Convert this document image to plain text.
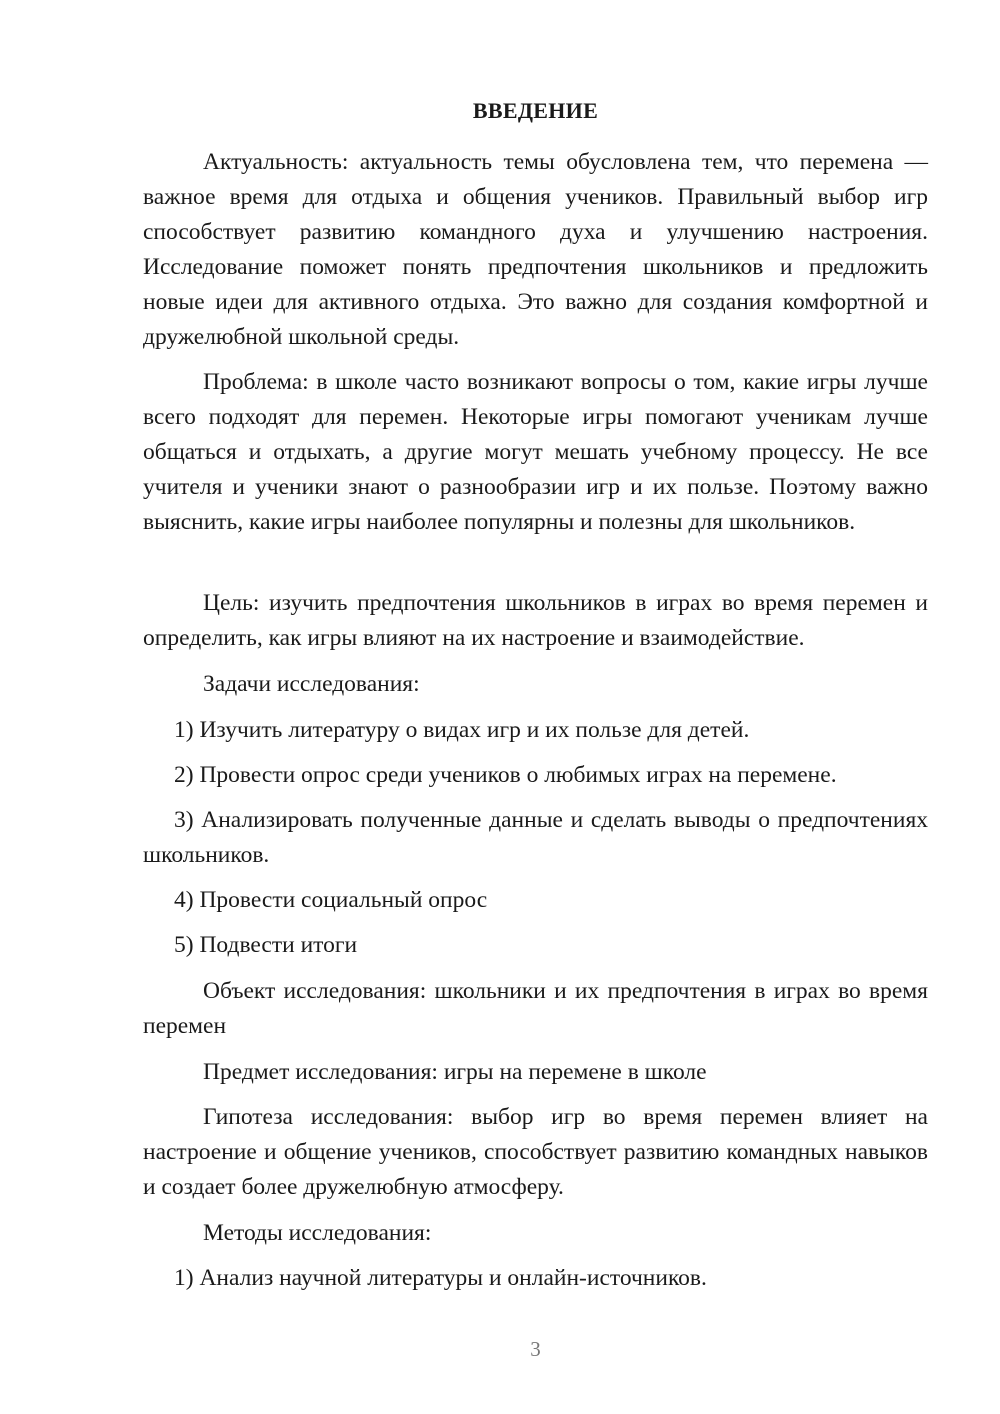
ВВЕДЕНИЕ

Актуальность: актуальность темы обусловлена тем, что перемена — важное время для отдыха и общения учеников. Правильный выбор игр способствует развитию командного духа и улучшению настроения. Исследование поможет понять предпочтения школьников и предложить новые идеи для активного отдыха. Это важно для создания комфортной и дружелюбной школьной среды.

Проблема: в школе часто возникают вопросы о том, какие игры лучше всего подходят для перемен. Некоторые игры помогают ученикам лучше общаться и отдыхать, а другие могут мешать учебному процессу. Не все учителя и ученики знают о разнообразии игр и их пользе. Поэтому важно выяснить, какие игры наиболее популярны и полезны для школьников.

Цель: изучить предпочтения школьников в играх во время перемен и определить, как игры влияют на их настроение и взаимодействие.

Задачи исследования:

1) Изучить литературу о видах игр и их пользе для детей.

2) Провести опрос среди учеников о любимых играх на перемене.

3) Анализировать полученные данные и сделать выводы о предпочтениях школьников.

4) Провести социальный опрос

5) Подвести итоги

Объект исследования: школьники и их предпочтения в играх во время перемен

Предмет исследования: игры на перемене в школе

Гипотеза исследования: выбор игр во время перемен влияет на настроение и общение учеников, способствует развитию командных навыков и создает более дружелюбную атмосферу.

Методы исследования:

1) Анализ научной литературы и онлайн-источников.

3
